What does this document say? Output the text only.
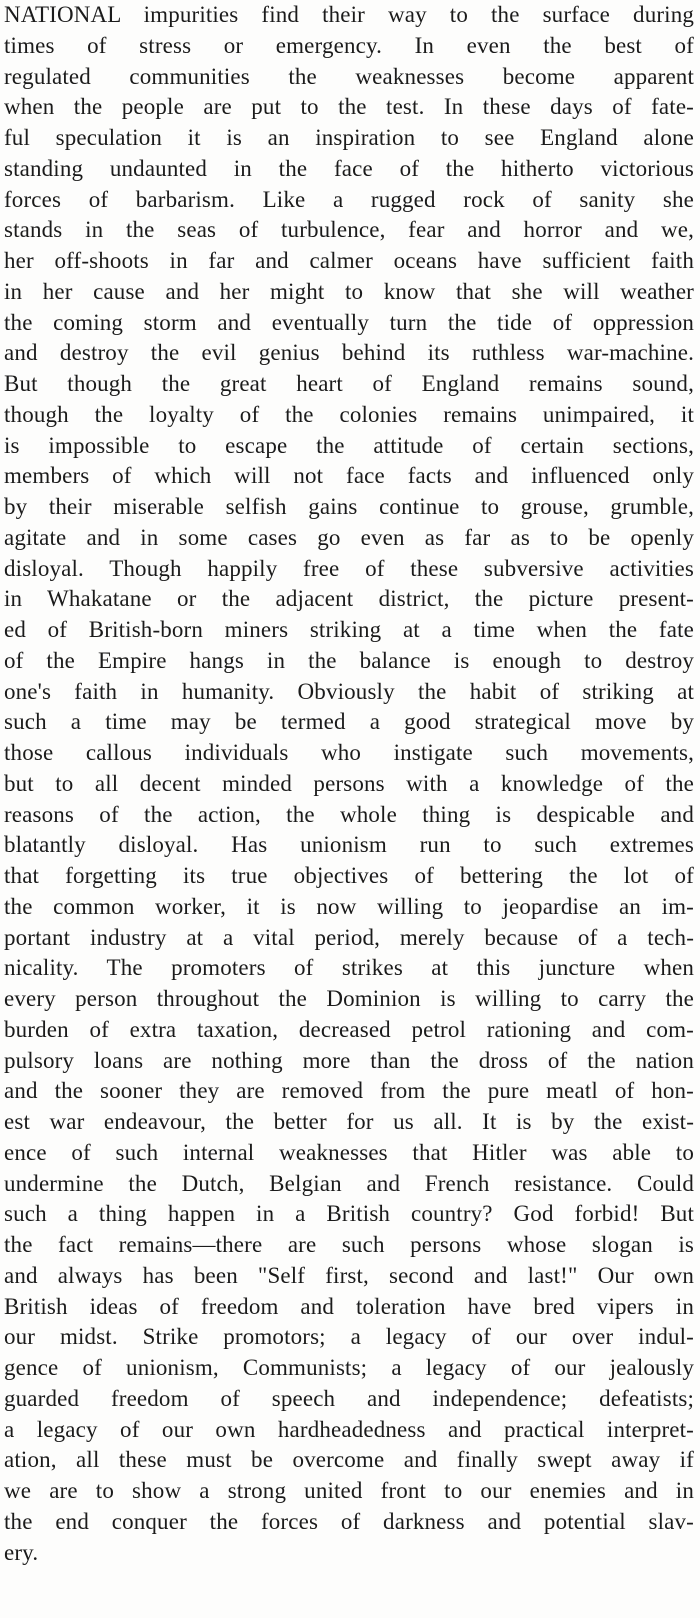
NATIONAL impurities find their way to the surface during
times of stress or emergency. In even the best of
regulated communities the weaknesses become apparent
when the people are put to the test. In these days of fate-
ful speculation it is an inspiration to see England alone
standing undaunted in the face of the hitherto victorious
forces of barbarism. Like a rugged rock of sanity she
stands in the seas of turbulence, fear and horror and we,
her off-shoots in far and calmer oceans have sufficient faith
in her cause and her might to know that she will weather
the coming storm and eventually turn the tide of oppression
and destroy the evil genius behind its ruthless war-machine.
But though the great heart of England remains sound,
though the loyalty of the colonies remains unimpaired, it
is impossible to escape the attitude of certain sections,
members of which will not face facts and influenced only
by their miserable selfish gains continue to grouse, grumble,
agitate and in some cases go even as far as to be openly
disloyal. Though happily free of these subversive activities
in Whakatane or the adjacent district, the picture present-
ed of British-born miners striking at a time when the fate
of the Empire hangs in the balance is enough to destroy
one's faith in humanity. Obviously the habit of striking at
such a time may be termed a good strategical move by
those callous individuals who instigate such movements,
but to all decent minded persons with a knowledge of the
reasons of the action, the whole thing is despicable and
blatantly disloyal. Has unionism run to such extremes
that forgetting its true objectives of bettering the lot of
the common worker, it is now willing to jeopardise an im-
portant industry at a vital period, merely because of a tech-
nicality. The promoters of strikes at this juncture when
every person throughout the Dominion is willing to carry the
burden of extra taxation, decreased petrol rationing and com-
pulsory loans are nothing more than the dross of the nation
and the sooner they are removed from the pure meatl of hon-
est war endeavour, the better for us all. It is by the exist-
ence of such internal weaknesses that Hitler was able to
undermine the Dutch, Belgian and French resistance. Could
such a thing happen in a British country? God forbid! But
the fact remains—there are such persons whose slogan is
and always has been "Self first, second and last!" Our own
British ideas of freedom and toleration have bred vipers in
our midst. Strike promotors; a legacy of our over indul-
gence of unionism, Communists; a legacy of our jealously
guarded freedom of speech and independence; defeatists;
a legacy of our own hardheadedness and practical interpret-
ation, all these must be overcome and finally swept away if
we are to show a strong united front to our enemies and in
the end conquer the forces of darkness and potential slav-
ery.
